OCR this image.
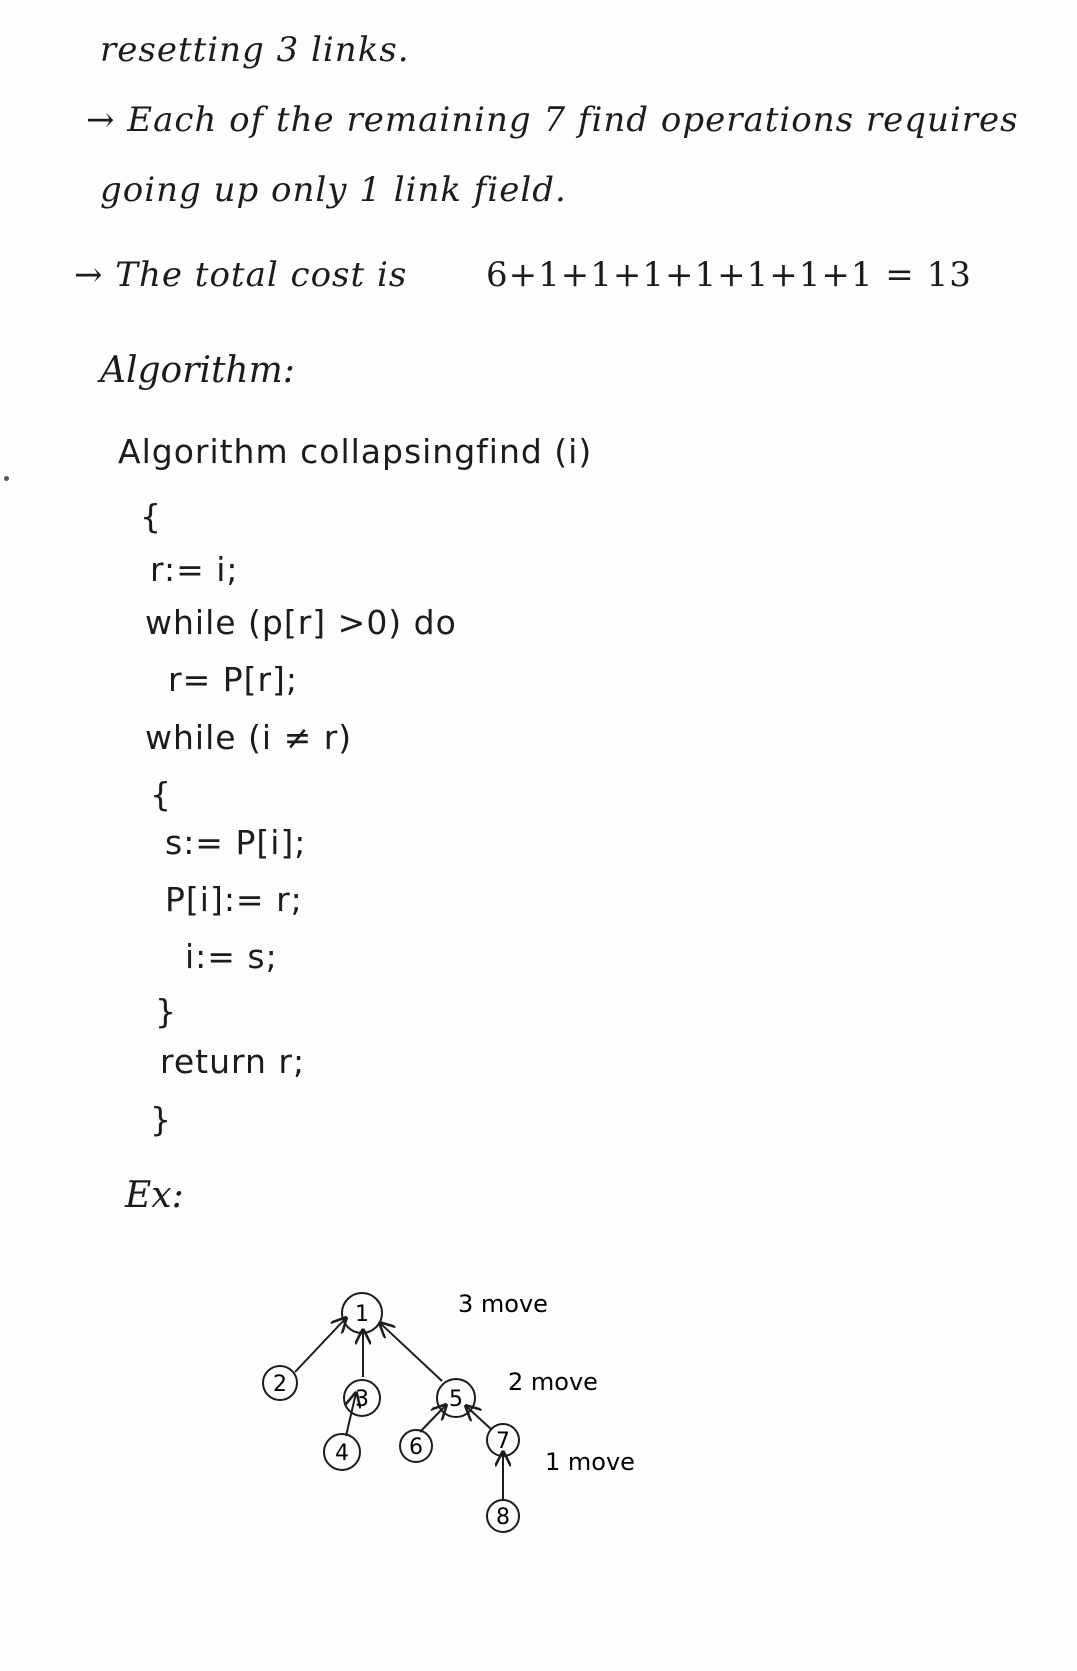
resetting 3 links.
→ Each of the remaining 7 find operations requires
going up only 1 link field.
→ The total cost is 6+1+1+1+1+1+1+1 = 13
Algorithm:
Algorithm collapsingfind (i)
{
r:= i;
while (p[r] >0) do
r= P[r];
while (i ≠ r)
{
s:= P[i];
P[i]:= r;
i:= s;
}
return r;
}
Ex:
1
2
3	5
4	6	7
8
3 move
2 move
1 move
